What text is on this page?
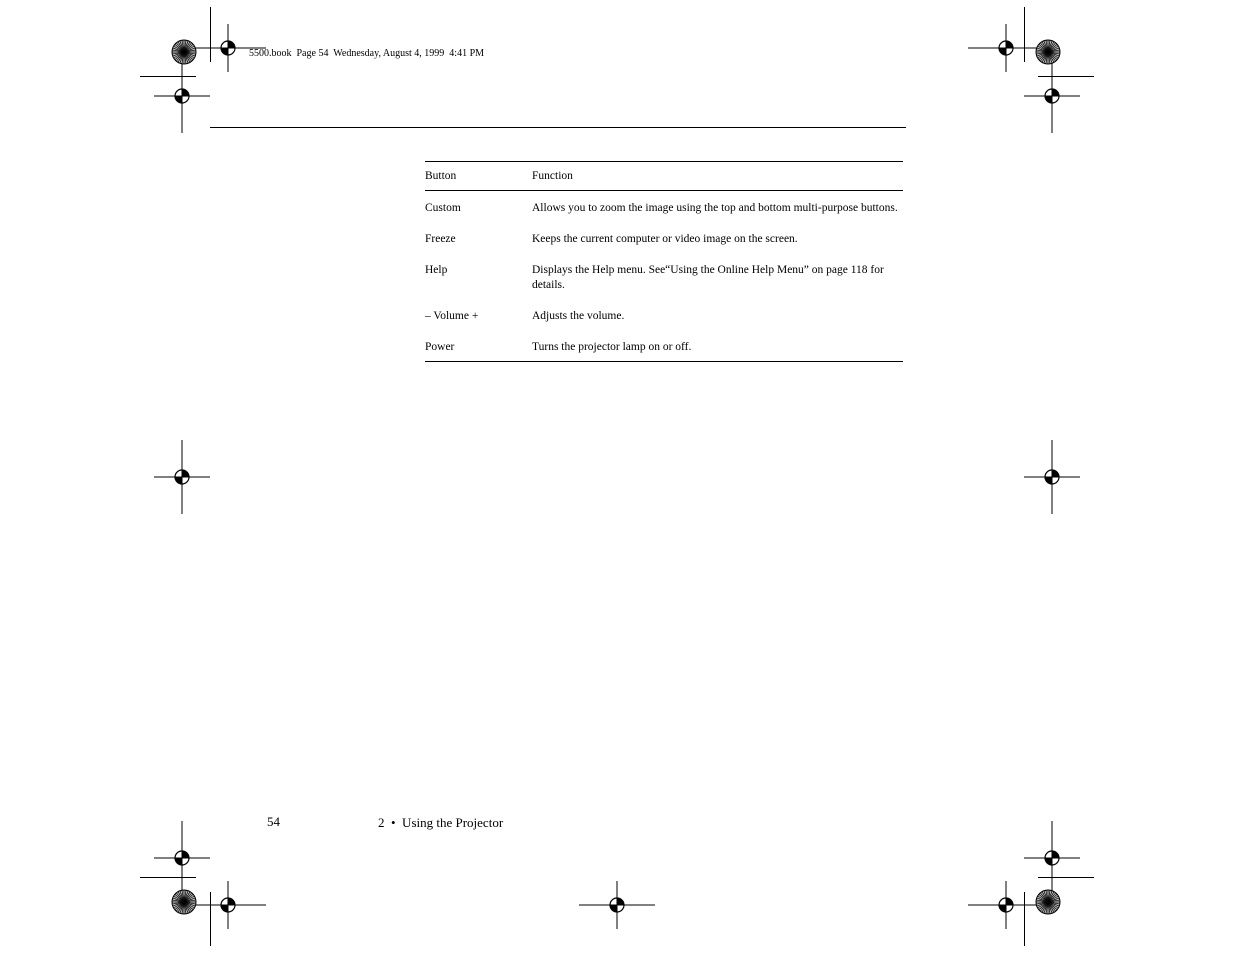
5500.book  Page 54  Wednesday, August 4, 1999  4:41 PM
Button	Function
Custom	Allows you to zoom the image using the top and bottom multi-purpose buttons.
Freeze	Keeps the current computer or video image on the screen.
Help	Displays the Help menu. See“Using the Online Help Menu” on page 118 for details.
– Volume +	Adjusts the volume.
Power	Turns the projector lamp on or off.
54	2  •  Using the Projector
